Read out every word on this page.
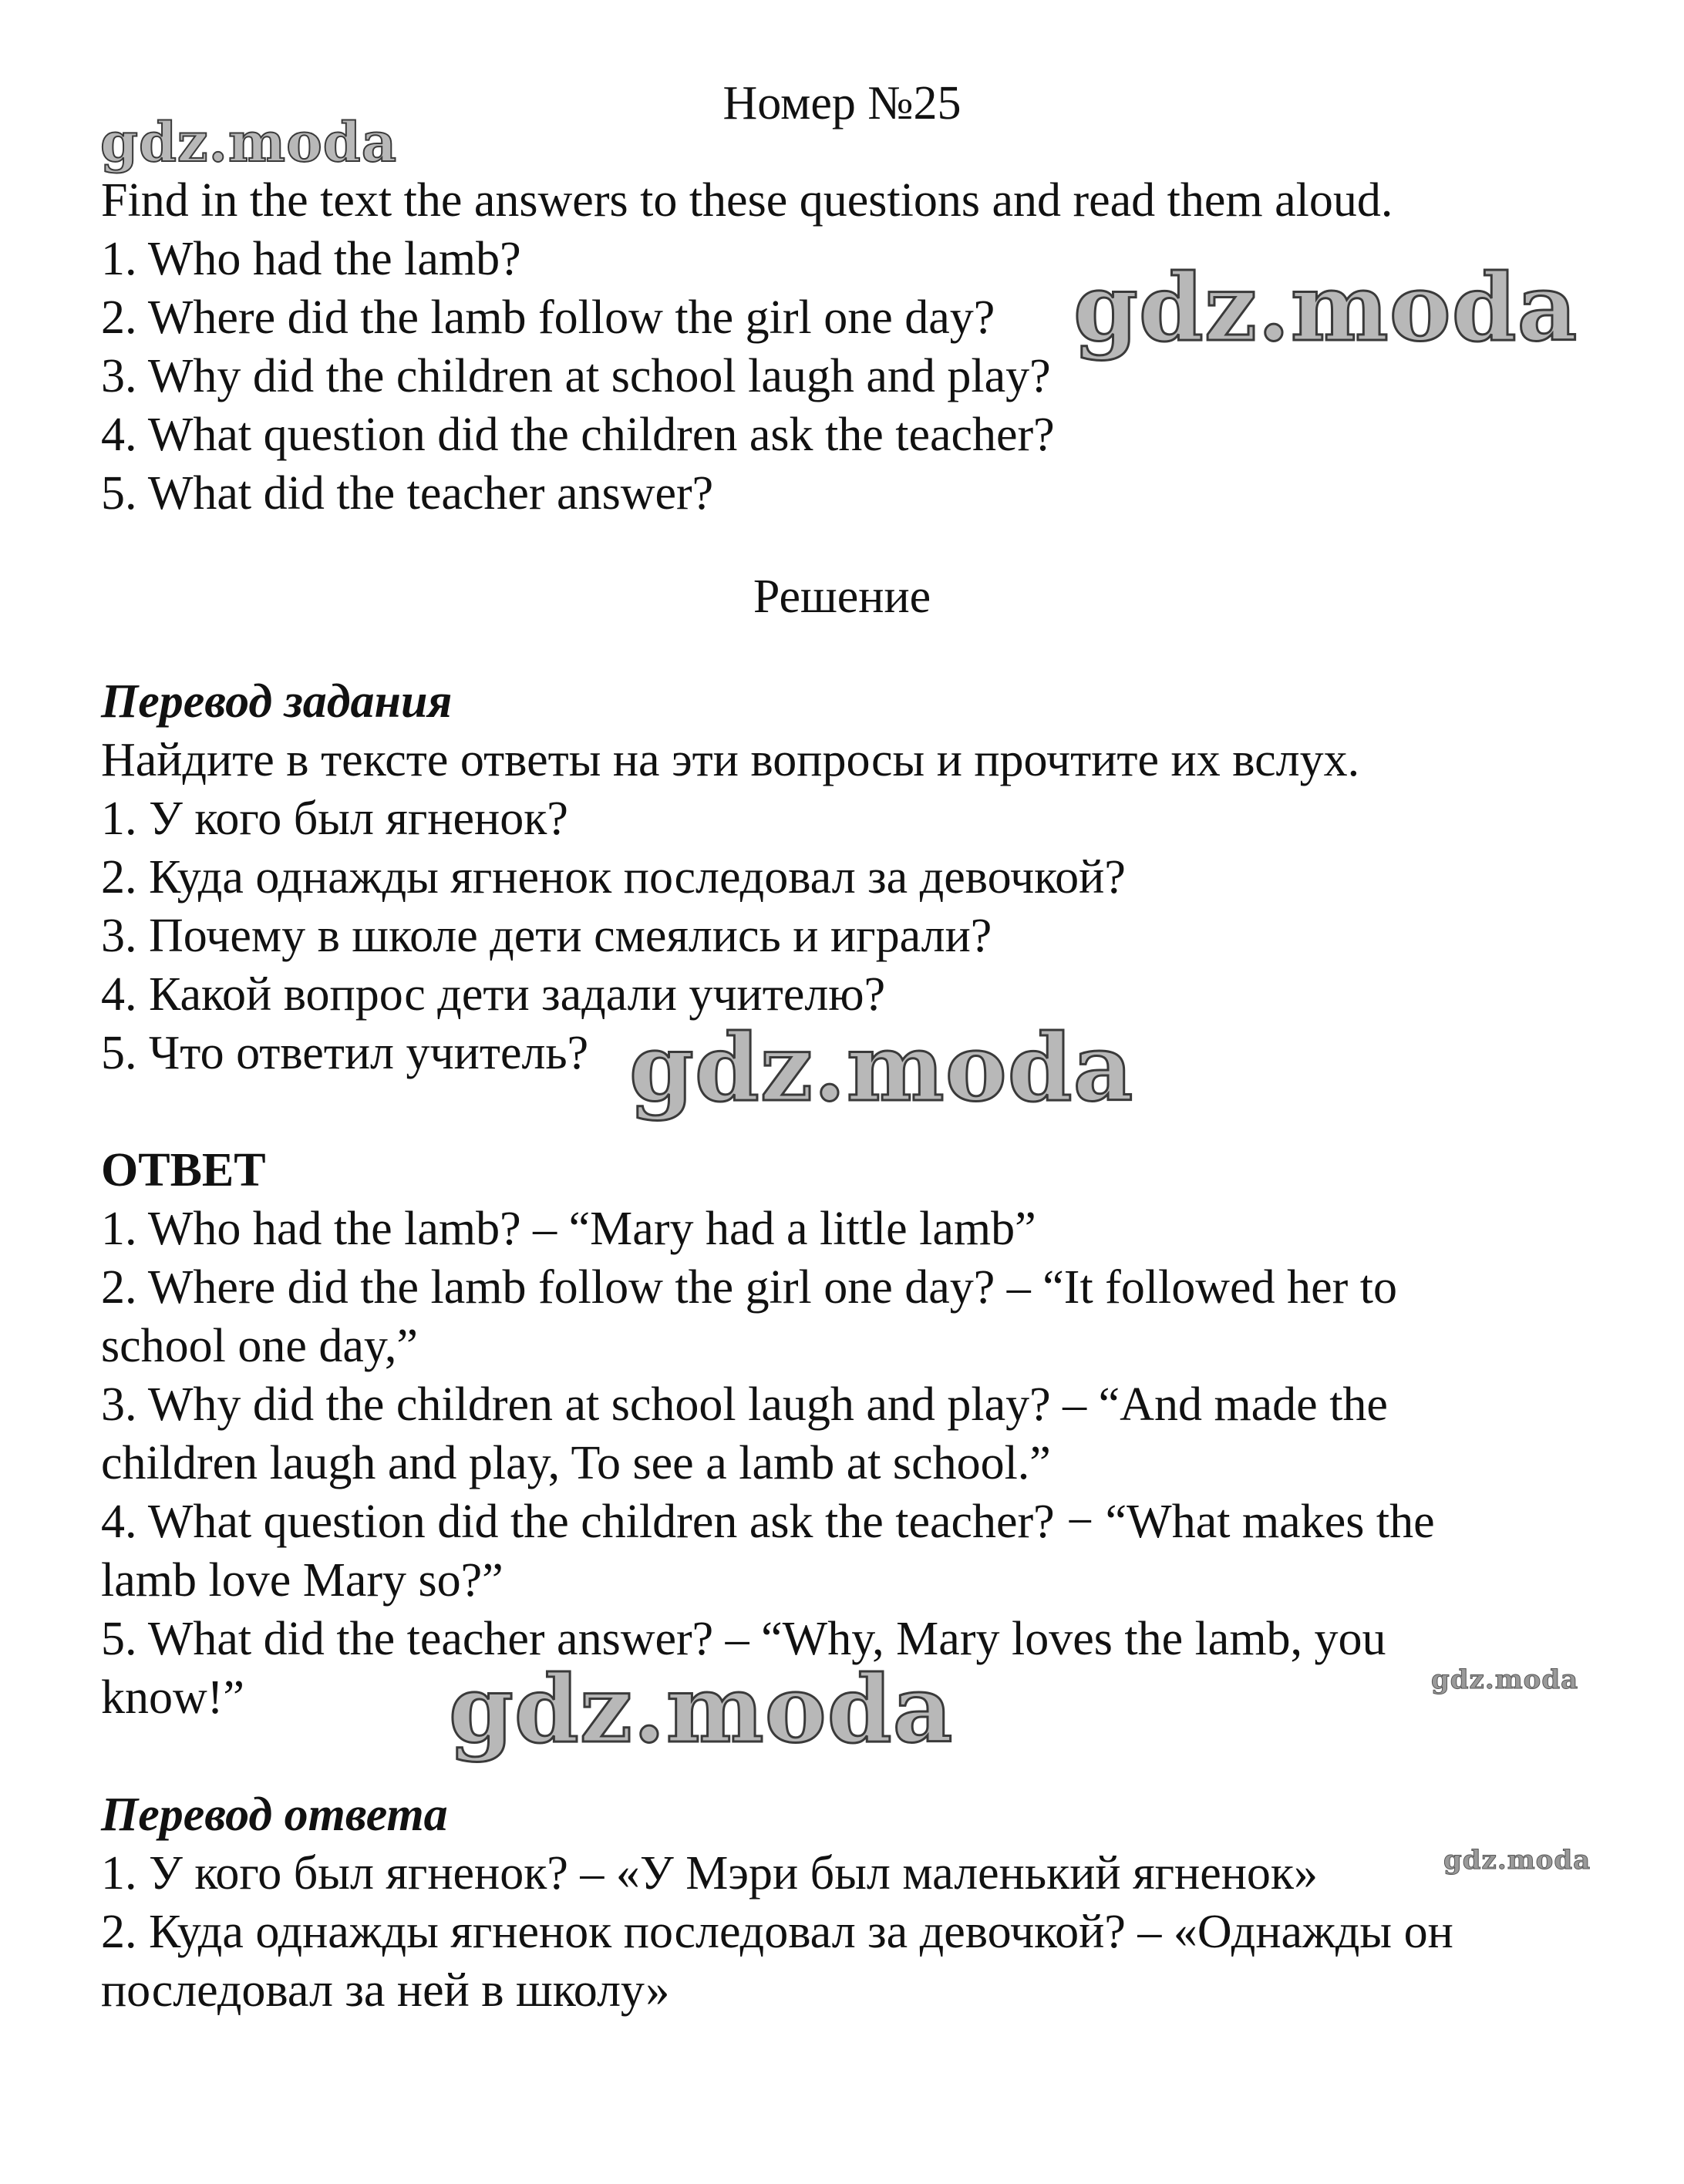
Номер №25

gdz.moda
gdz.moda
gdz.moda
gdz.moda	gdz.moda
gdz.moda

Find in the text the answers to these questions and read them aloud.

1. Who had the lamb?

2. Where did the lamb follow the girl one day?

3. Why did the children at school laugh and play?

4. What question did the children ask the teacher?

5. What did the teacher answer?

Решение

Перевод задания

Найдите в тексте ответы на эти вопросы и прочтите их вслух.

1. У кого был ягненок?

2. Куда однажды ягненок последовал за девочкой?

3. Почему в школе дети смеялись и играли?

4. Какой вопрос дети задали учителю?

5. Что ответил учитель?

ОТВЕТ

1. Who had the lamb? – “Mary had a little lamb”

2. Where did the lamb follow the girl one day? – “It followed her to

school one day,”

3. Why did the children at school laugh and play? – “And made the

children laugh and play, To see a lamb at school.”

4. What question did the children ask the teacher? − “What makes the

lamb love Mary so?”

5. What did the teacher answer? – “Why, Mary loves the lamb, you

know!”

Перевод ответа

1. У кого был ягненок? – «У Мэри был маленький ягненок»

2. Куда однажды ягненок последовал за девочкой? – «Однажды он

последовал за ней в школу»
